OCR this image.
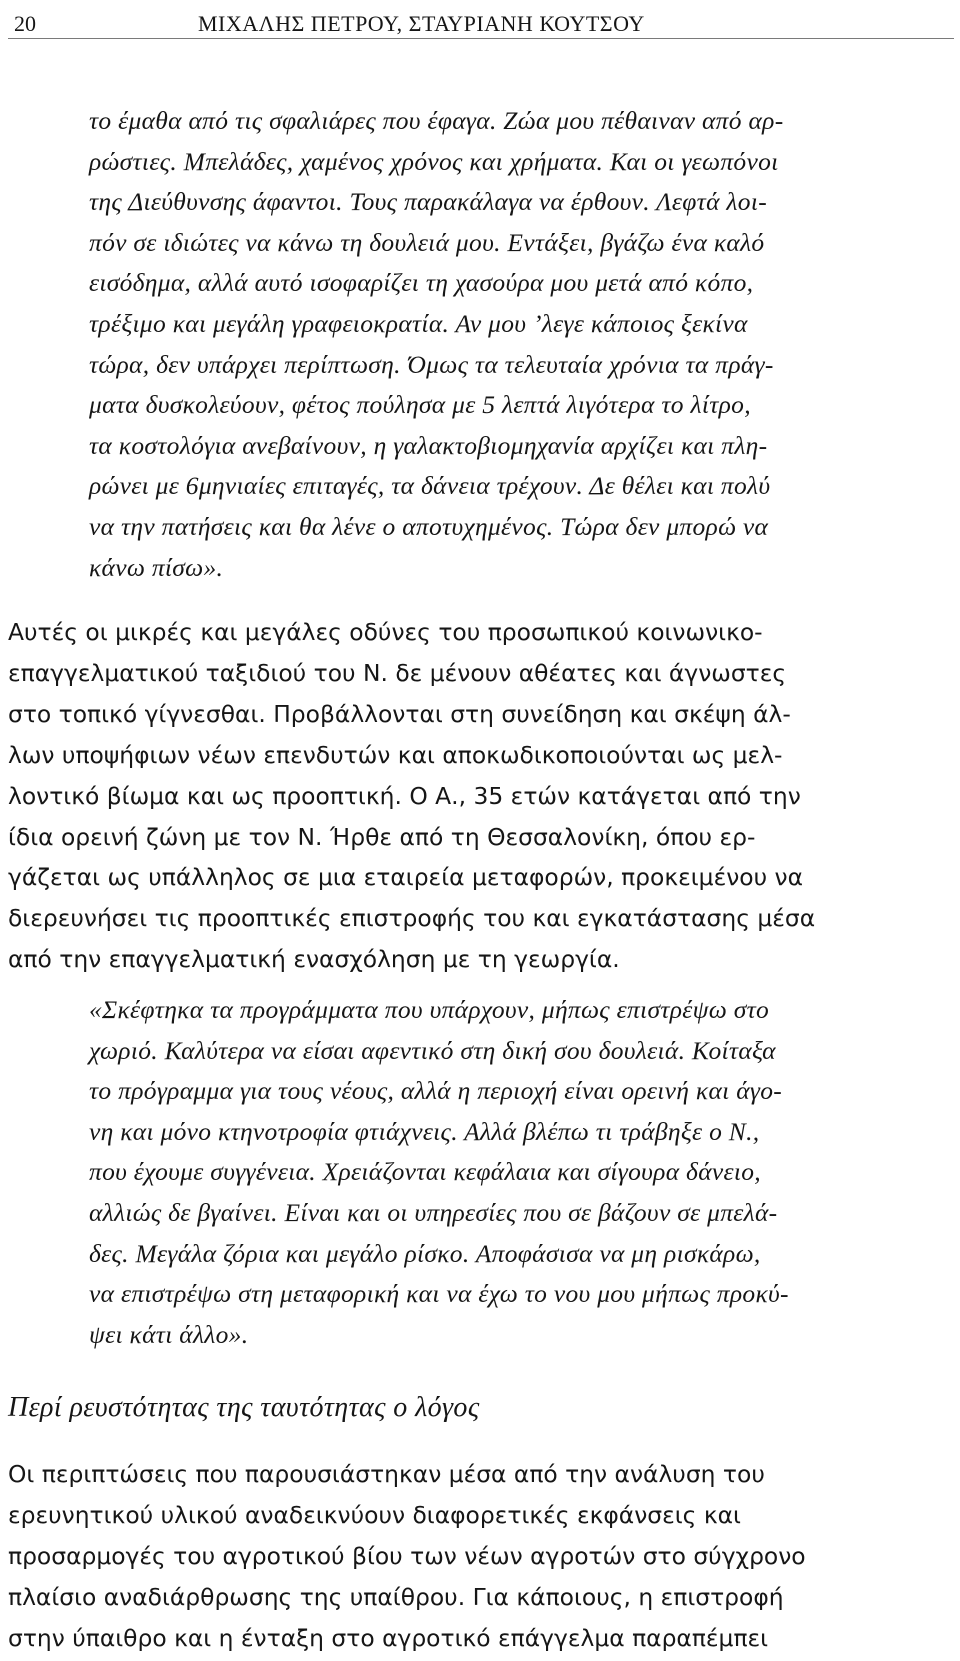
20	ΜΙΧΑΛΗΣ ΠΕΤΡΟΥ, ΣΤΑΥΡΙΑΝΗ ΚΟΥΤΣΟΥ
το έμαθα από τις σφαλιάρες που έφαγα. Ζώα μου πέθαιναν από αρ-
ρώστιες. Μπελάδες, χαμένος χρόνος και χρήματα. Και οι γεωπόνοι
της Διεύθυνσης άφαντοι. Τους παρακάλαγα να έρθουν. Λεφτά λοι-
πόν σε ιδιώτες να κάνω τη δουλειά μου. Εντάξει, βγάζω ένα καλό
εισόδημα, αλλά αυτό ισοφαρίζει τη χασούρα μου μετά από κόπο,
τρέξιμο και μεγάλη γραφειοκρατία. Αν μου ’λεγε κάποιος ξεκίνα
τώρα, δεν υπάρχει περίπτωση. Όμως τα τελευταία χρόνια τα πράγ-
ματα δυσκολεύουν, φέτος πούλησα με 5 λεπτά λιγότερα το λίτρο,
τα κοστολόγια ανεβαίνουν, η γαλακτοβιομηχανία αρχίζει και πλη-
ρώνει με 6μηνιαίες επιταγές, τα δάνεια τρέχουν. Δε θέλει και πολύ
να την πατήσεις και θα λένε ο αποτυχημένος. Τώρα δεν μπορώ να
κάνω πίσω».
Αυτές οι μικρές και μεγάλες οδύνες του προσωπικού κοινωνικο-
επαγγελματικού ταξιδιού του Ν. δε μένουν αθέατες και άγνωστες
στο τοπικό γίγνεσθαι. Προβάλλονται στη συνείδηση και σκέψη άλ-
λων υποψήφιων νέων επενδυτών και αποκωδικοποιούνται ως μελ-
λοντικό βίωμα και ως προοπτική. Ο Α., 35 ετών κατάγεται από την
ίδια ορεινή ζώνη με τον Ν. Ήρθε από τη Θεσσαλονίκη, όπου ερ-
γάζεται ως υπάλληλος σε μια εταιρεία μεταφορών, προκειμένου να
διερευνήσει τις προοπτικές επιστροφής του και εγκατάστασης μέσα
από την επαγγελματική ενασχόληση με τη γεωργία.
«Σκέφτηκα τα προγράμματα που υπάρχουν, μήπως επιστρέψω στο
χωριό. Καλύτερα να είσαι αφεντικό στη δική σου δουλειά. Κοίταξα
το πρόγραμμα για τους νέους, αλλά η περιοχή είναι ορεινή και άγο-
νη και μόνο κτηνοτροφία φτιάχνεις. Αλλά βλέπω τι τράβηξε ο Ν.,
που έχουμε συγγένεια. Χρειάζονται κεφάλαια και σίγουρα δάνειο,
αλλιώς δε βγαίνει. Είναι και οι υπηρεσίες που σε βάζουν σε μπελά-
δες. Μεγάλα ζόρια και μεγάλο ρίσκο. Αποφάσισα να μη ρισκάρω,
να επιστρέψω στη μεταφορική και να έχω το νου μου μήπως προκύ-
ψει κάτι άλλο».
Περί ρευστότητας της ταυτότητας ο λόγος
Οι περιπτώσεις που παρουσιάστηκαν μέσα από την ανάλυση του
ερευνητικού υλικού αναδεικνύουν διαφορετικές εκφάνσεις και
προσαρμογές του αγροτικού βίου των νέων αγροτών στο σύγχρονο
πλαίσιο αναδιάρθρωσης της υπαίθρου. Για κάποιους, η επιστροφή
στην ύπαιθρο και η ένταξη στο αγροτικό επάγγελμα παραπέμπει
